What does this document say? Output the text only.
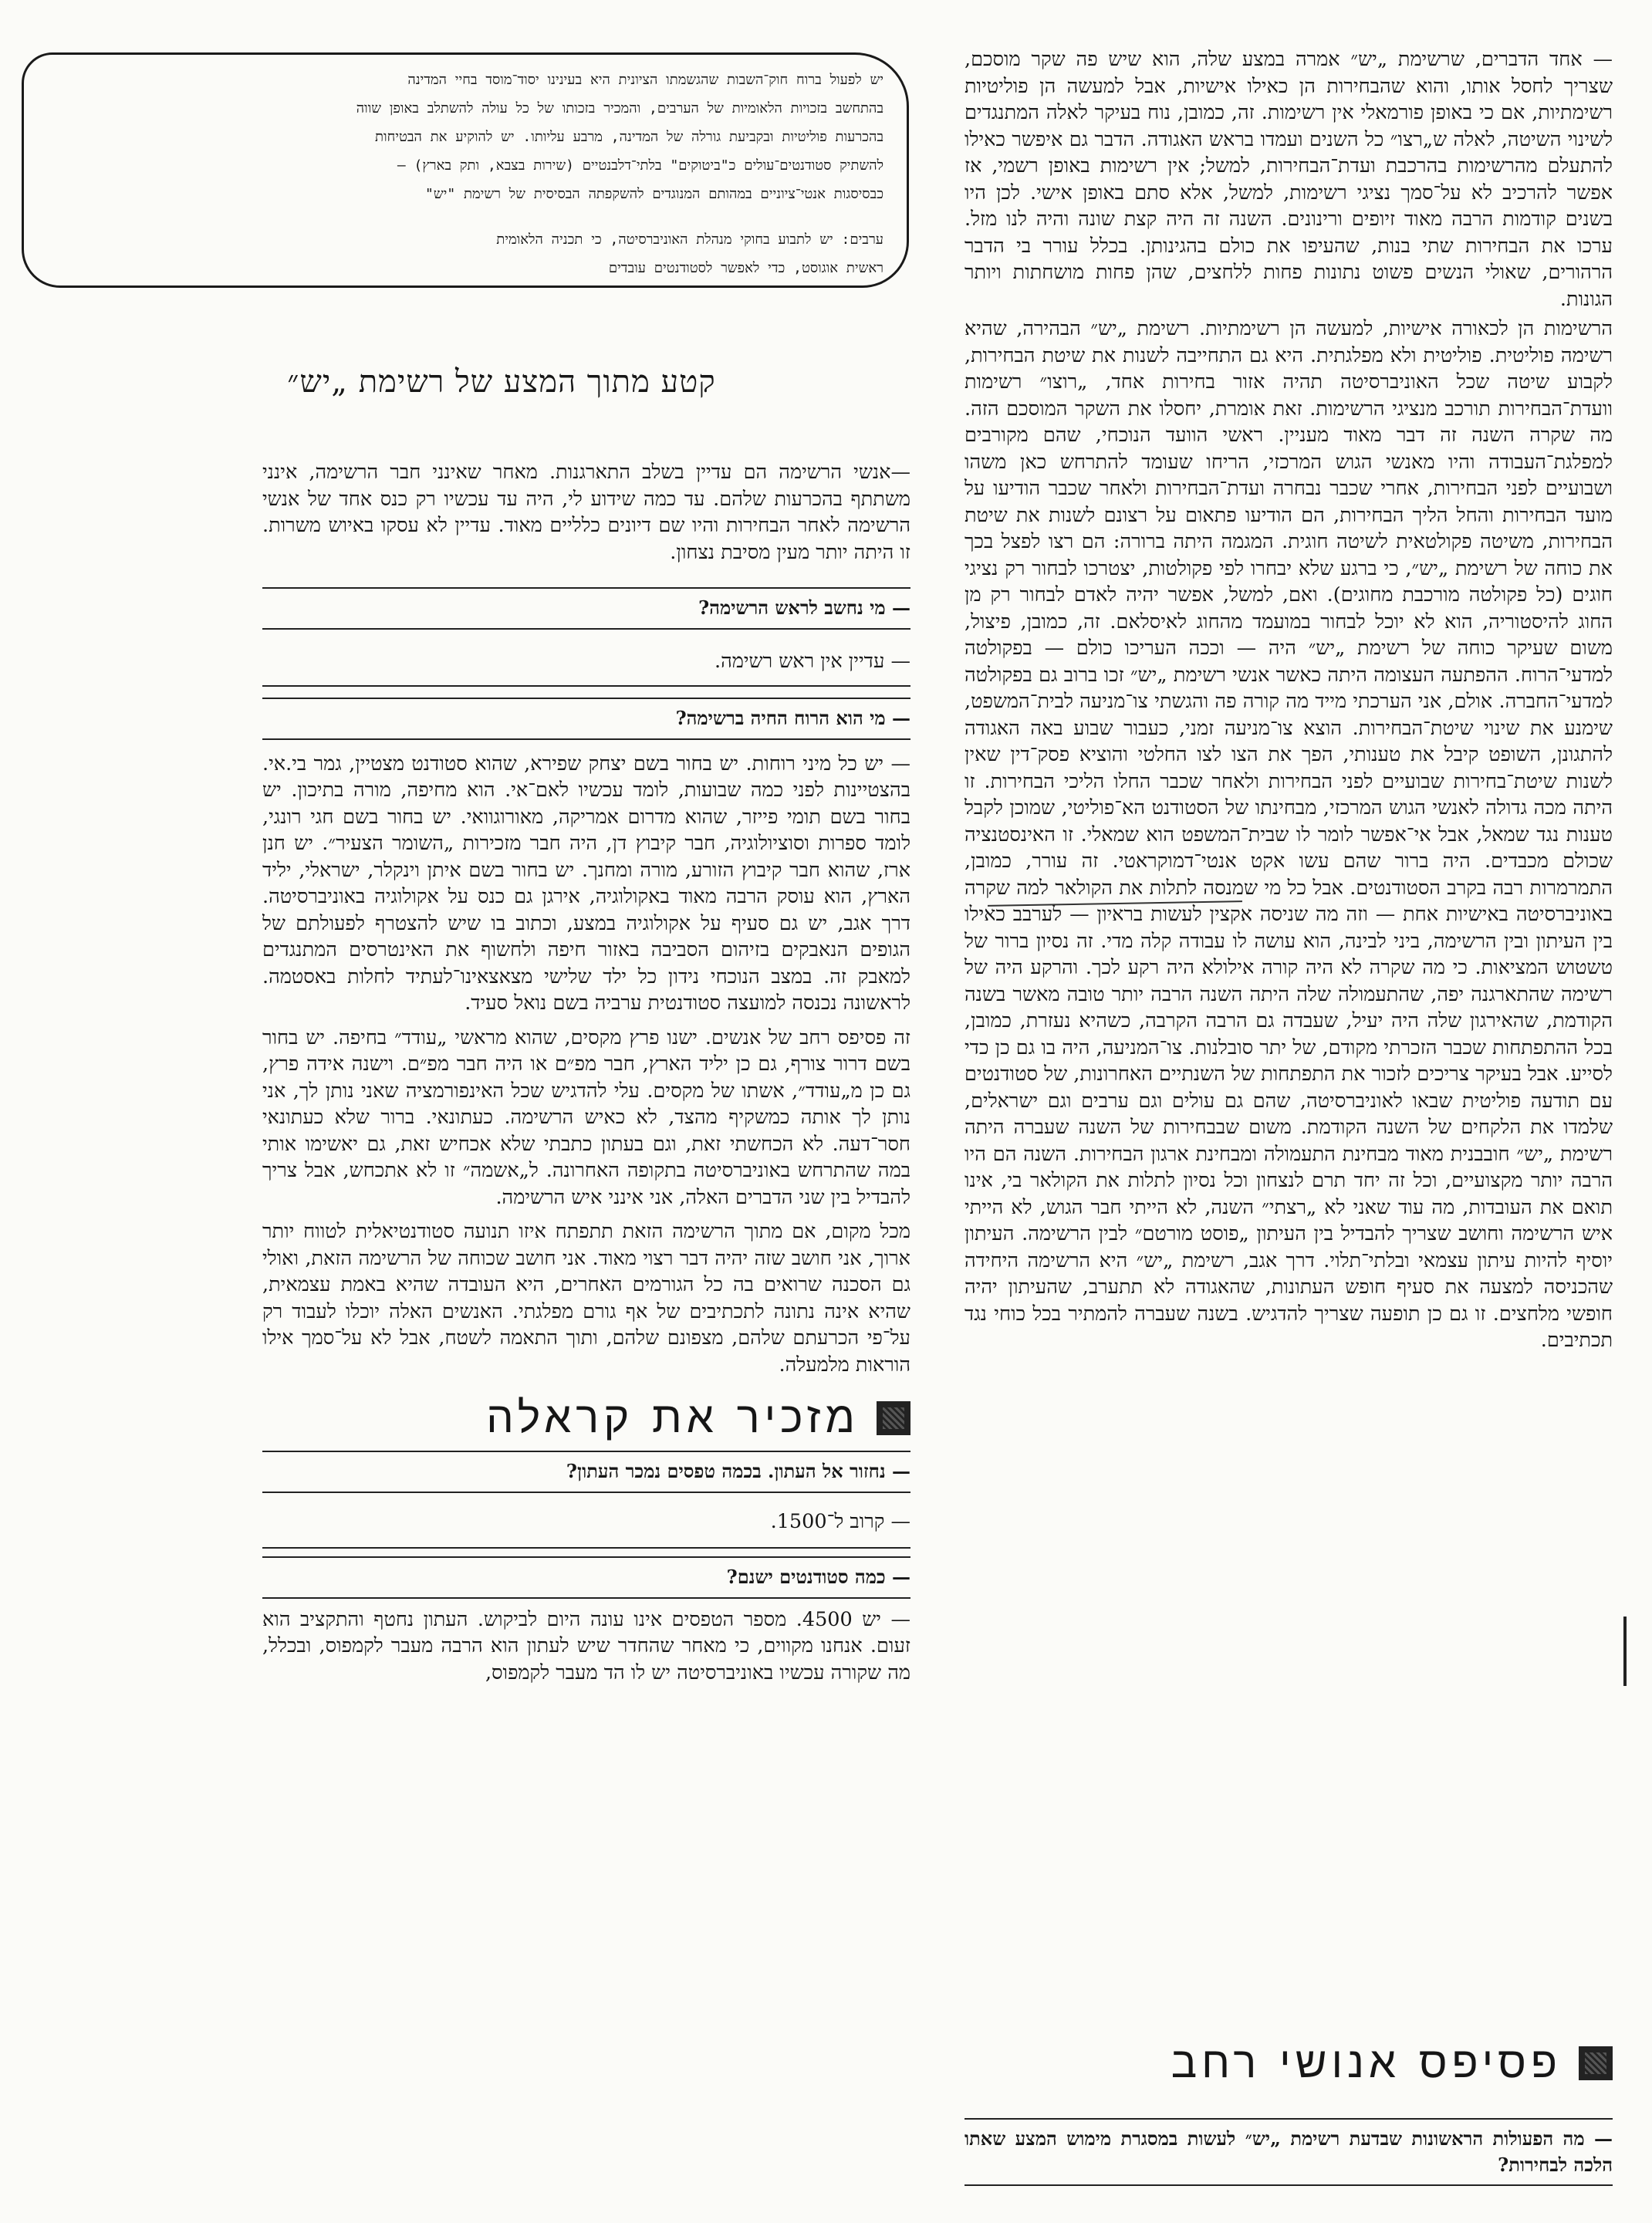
יש לפעול ברוח חוק־השבות שהגשמתו הציונית היא בעינינו יסוד־מוסד בחיי המדינה

בהתחשב בזכויות הלאומיות של הערבים, והמכיר בזכותו של כל עולה להשתלב באופן שווה

בהכרעות פוליטיות ובקביעת גורלה של המדינה, מרבע עליותו. יש להוקיע את הבטיחות

להשתיק סטודנטים־עולים כ"ביטוקים" בלתי־דלבנטיים (שירות בצבא, ותק בארץ) —

כבסיסגות אנטי־ציוניים במהותם המנוגדים להשקפתה הבסיסית של רשימת "יש"

ערבים: יש לתבוע בחוקי מנהלת האוניברסיטה, כי תכניה הלאומית

ראשית אוגוסט, כדי לאפשר לסטודנטים עובדים

קטע מתוך המצע של רשימת „יש״

—אנשי הרשימה הם עדיין בשלב התארגנות. מאחר שאינני חבר הרשימה, אינני משתתף בהכרעות שלהם. עד כמה שידוע לי, היה עד עכשיו רק כנס אחד של אנשי הרשימה לאחר הבחירות והיו שם דיונים כלליים מאוד. עדיין לא עסקו באיוש משרות. זו היתה יותר מעין מסיבת נצחון.

— מי נחשב לראש הרשימה?
— עדיין אין ראש רשימה.
— מי הוא הרוח החיה ברשימה?

— יש כל מיני רוחות. יש בחור בשם יצחק שפירא, שהוא סטודנט מצטיין, גמר בי.אי. בהצטיינות לפני כמה שבועות, לומד עכשיו לאם־אי. הוא מחיפה, מורה בתיכון. יש בחור בשם תומי פייזר, שהוא מדרום אמריקה, מאורוגוואי. יש בחור בשם חגי רונגי, לומד ספרות וסוציולוגיה, חבר קיבוץ דן, היה חבר מזכירות „השומר הצעיר״. יש חנן ארז, שהוא חבר קיבוץ הזורע, מורה ומחנך. יש בחור בשם איתן וינקלר, ישראלי, יליד הארץ, הוא עוסק הרבה מאוד באקולוגיה, אירגן גם כנס על אקולוגיה באוניברסיטה. דרך אגב, יש גם סעיף על אקולוגיה במצע, וכתוב בו שיש להצטרף לפעולתם של הגופים הנאבקים בזיהום הסביבה באזור חיפה ולחשוף את האינטרסים המתנגדים למאבק זה. במצב הנוכחי נידון כל ילד שלישי מצאצאינו־לעתיד לחלות באסטמה. לראשונה נכנסה למועצה סטודנטית ערביה בשם נואל סעיד.

זה פסיפס רחב של אנשים. ישנו פרץ מקסים, שהוא מראשי „עודד״ בחיפה. יש בחור בשם דרור צורף, גם כן יליד הארץ, חבר מפ״ם או היה חבר מפ״ם. וישנה אידה פרץ, גם כן מ„עודד״, אשתו של מקסים. עלי להדגיש שכל האינפורמציה שאני נותן לך, אני נותן לך אותה כמשקיף מהצד, לא כאיש הרשימה. כעתונאי. ברור שלא כעתונאי חסר־דעה. לא הכחשתי זאת, וגם בעתון כתבתי שלא אכחיש זאת, גם יאשימו אותי במה שהתרחש באוניברסיטה בתקופה האחרונה. ל„אשמה״ זו לא אתכחש, אבל צריך להבדיל בין שני הדברים האלה, אני אינני איש הרשימה.

מכל מקום, אם מתוך הרשימה הזאת תתפתח איזו תנועה סטודנטיאלית לטווח יותר ארוך, אני חושב שזה יהיה דבר רצוי מאוד. אני חושב שכוחה של הרשימה הזאת, ואולי גם הסכנה שרואים בה כל הגורמים האחרים, היא העובדה שהיא באמת עצמאית, שהיא אינה נתונה לתכתיבים של אף גורם מפלגתי. האנשים האלה יוכלו לעבוד רק על־פי הכרעתם שלהם, מצפונם שלהם, ותוך התאמה לשטח, אבל לא על־סמך אילו הוראות מלמעלה.

מזכיר את קראלה
— נחזור אל העתון. בכמה טפסים נמכר העתון?
— קרוב ל־1500.
— כמה סטודנטים ישנם?

— יש 4500. מספר הטפסים אינו עונה היום לביקוש. העתון נחטף והתקציב הוא זעום. אנחנו מקווים, כי מאחר שהחדר שיש לעתון הוא הרבה מעבר לקמפוס, ובכלל, מה שקורה עכשיו באוניברסיטה יש לו הד מעבר לקמפוס,

— אחד הדברים, שרשימת „יש״ אמרה במצע שלה, הוא שיש פה שקר מוסכם, שצריך לחסל אותו, והוא שהבחירות הן כאילו אישיות, אבל למעשה הן פוליטיות רשימתיות, אם כי באופן פורמאלי אין רשימות. זה, כמובן, נוח בעיקר לאלה המתנגדים לשינוי השיטה, לאלה ש„רצו״ כל השנים ועמדו בראש האגודה. הדבר גם איפשר כאילו להתעלם מהרשימות בהרכבת ועדת־הבחירות, למשל; אין רשימות באופן רשמי, אז אפשר להרכיב לא על־סמך נציגי רשימות, למשל, אלא סתם באופן אישי. לכן היו בשנים קודמות הרבה מאוד זיופים ורינונים. השנה זה היה קצת שונה והיה לנו מזל. ערכו את הבחירות שתי בנות, שהעיפו את כולם בהגינותן. בכלל עורר בי הדבר הרהורים, שאולי הנשים פשוט נתונות פחות ללחצים, שהן פחות מושחתות ויותר הגונות.

הרשימות הן לכאורה אישיות, למעשה הן רשימתיות. רשימת „יש״ הבהירה, שהיא רשימה פוליטית. פוליטית ולא מפלגתית. היא גם התחייבה לשנות את שיטת הבחירות, לקבוע שיטה שכל האוניברסיטה תהיה אזור בחירות אחד, „רוצו״ רשימות וועדת־הבחירות תורכב מנציגי הרשימות. זאת אומרת, יחסלו את השקר המוסכם הזה. מה שקרה השנה זה דבר מאוד מעניין. ראשי הוועד הנוכחי, שהם מקורבים למפלגת־העבודה והיו מאנשי הגוש המרכזי, הריחו שעומד להתרחש כאן משהו ושבועיים לפני הבחירות, אחרי שכבר נבחרה ועדת־הבחירות ולאחר שכבר הודיעו על מועד הבחירות והחל הליך הבחירות, הם הודיעו פתאום על רצונם לשנות את שיטת הבחירות, משיטה פקולטאית לשיטה חוגית. המגמה היתה ברורה: הם רצו לפצל בכך את כוחה של רשימת „יש״, כי ברגע שלא יבחרו לפי פקולטות, יצטרכו לבחור רק נציגי חוגים (כל פקולטה מורכבת מחוגים). ואם, למשל, אפשר יהיה לאדם לבחור רק מן החוג להיסטוריה, הוא לא יוכל לבחור במועמד מהחוג לאיסלאם. זה, כמובן, פיצול, משום שעיקר כוחה של רשימת „יש״ היה — וככה העריכו כולם — בפקולטה למדעי־הרוח. ההפתעה העצומה היתה כאשר אנשי רשימת „יש״ זכו ברוב גם בפקולטה למדעי־החברה. אולם, אני הערכתי מייד מה קורה פה והגשתי צו־מניעה לבית־המשפט, שימנע את שינוי שיטת־הבחירות. הוצא צו־מניעה זמני, כעבור שבוע באה האגודה להתגונן, השופט קיבל את טענותי, הפך את הצו לצו החלטי והוציא פסק־דין שאין לשנות שיטת־בחירות שבועיים לפני הבחירות ולאחר שכבר החלו הליכי הבחירות. זו היתה מכה גדולה לאנשי הגוש המרכזי, מבחינתו של הסטודנט הא־פוליטי, שמוכן לקבל טענות נגד שמאל, אבל אי־אפשר לומר לו שבית־המשפט הוא שמאלי. זו האינסטנציה שכולם מכבדים. היה ברור שהם עשו אקט אנטי־דמוקראטי. זה עורר, כמובן, התמרמרות רבה בקרב הסטודנטים. אבל כל מי שמנסה לתלות את הקולאר למה שקרה באוניברסיטה באישיות אחת — וזה מה שניסה אקצין לעשות בראיון — לערבב כאילו בין העיתון ובין הרשימה, ביני לבינה, הוא עושה לו עבודה קלה מדי. זה נסיון ברור של טשטוש המציאות. כי מה שקרה לא היה קורה אילולא היה רקע לכך. והרקע היה של רשימה שהתארגנה יפה, שהתעמולה שלה היתה השנה הרבה יותר טובה מאשר בשנה הקודמת, שהאירגון שלה היה יעיל, שעבדה גם הרבה הקרבה, כשהיא נעזרת, כמובן, בכל ההתפתחות שכבר הזכרתי מקודם, של יתר סובלנות. צו־המניעה, היה בו גם כן כדי לסייע. אבל בעיקר צריכים לזכור את התפתחות של השנתיים האחרונות, של סטודנטים עם תודעה פוליטית שבאו לאוניברסיטה, שהם גם עולים וגם ערבים וגם ישראלים, שלמדו את הלקחים של השנה הקודמת. משום שבבחירות של השנה שעברה היתה רשימת „יש״ חובבנית מאוד מבחינת התעמולה ומבחינת ארגון הבחירות. השנה הם היו הרבה יותר מקצועיים, וכל זה יחד תרם לנצחון וכל נסיון לתלות את הקולאר בי, אינו תואם את העובדות, מה עוד שאני לא „רצתי״ השנה, לא הייתי חבר הגוש, לא הייתי איש הרשימה וחושב שצריך להבדיל בין העיתון „פוסט מורטם״ לבין הרשימה. העיתון יוסיף להיות עיתון עצמאי ובלתי־תלוי. דרך אגב, רשימת „יש״ היא הרשימה היחידה שהכניסה למצעה את סעיף חופש העתונות, שהאגודה לא תתערב, שהעיתון יהיה חופשי מלחצים. זו גם כן תופעה שצריך להדגיש. בשנה שעברה להמתיר בכל כוחי נגד תכתיבים.

פסיפס אנושי רחב
— מה הפעולות הראשונות שבדעת רשימת „יש״ לעשות במסגרת מימוש המצע שאתו הלכה לבחירות?
